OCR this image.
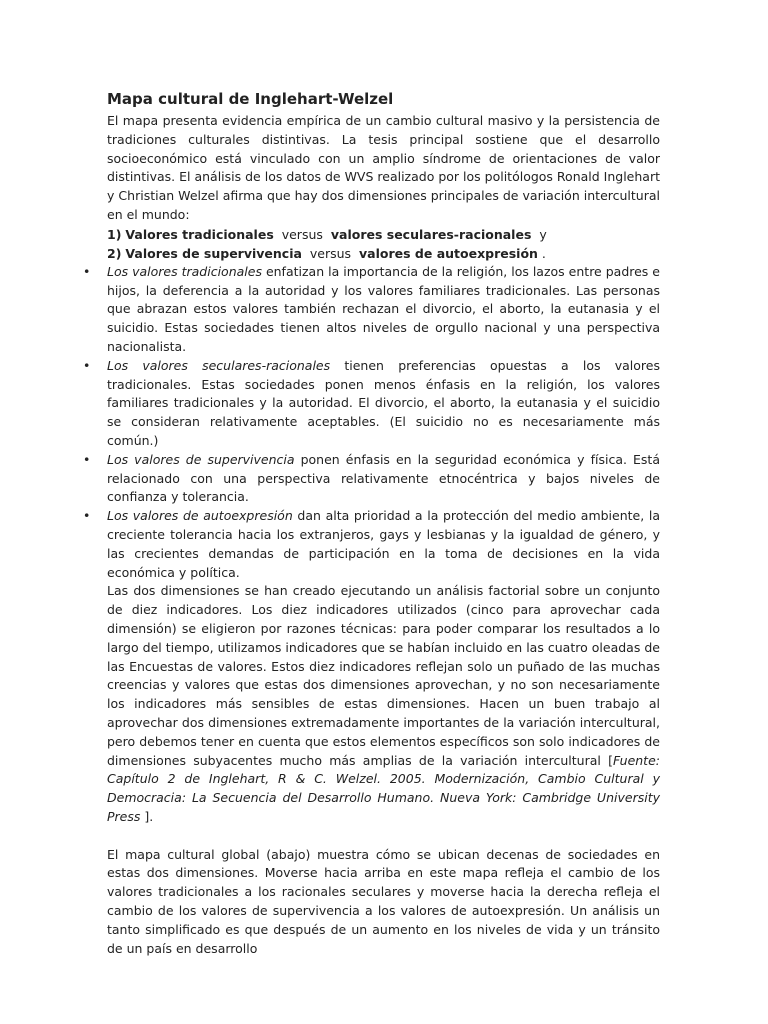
Mapa cultural de Inglehart-Welzel

El mapa presenta evidencia empírica de un cambio cultural masivo y la persistencia de tradiciones culturales distintivas. La tesis principal sostiene que el desarrollo socioeconómico está vinculado con un amplio síndrome de orientaciones de valor distintivas. El análisis de los datos de WVS realizado por los politólogos Ronald Inglehart y Christian Welzel afirma que hay dos dimensiones principales de variación intercultural en el mundo:

1) Valores tradicionales versus valores seculares-racionales y
2) Valores de supervivencia versus valores de autoexpresión .
• Los valores tradicionales enfatizan la importancia de la religión, los lazos entre padres e hijos, la deferencia a la autoridad y los valores familiares tradicionales. Las personas que abrazan estos valores también rechazan el divorcio, el aborto, la eutanasia y el suicidio. Estas sociedades tienen altos niveles de orgullo nacional y una perspectiva nacionalista.
• Los valores seculares-racionales tienen preferencias opuestas a los valores tradicionales. Estas sociedades ponen menos énfasis en la religión, los valores familiares tradicionales y la autoridad. El divorcio, el aborto, la eutanasia y el suicidio se consideran relativamente aceptables. (El suicidio no es necesariamente más común.)
• Los valores de supervivencia ponen énfasis en la seguridad económica y física. Está relacionado con una perspectiva relativamente etnocéntrica y bajos niveles de confianza y tolerancia.
• Los valores de autoexpresión dan alta prioridad a la protección del medio ambiente, la creciente tolerancia hacia los extranjeros, gays y lesbianas y la igualdad de género, y las crecientes demandas de participación en la toma de decisiones en la vida económica y política.

Las dos dimensiones se han creado ejecutando un análisis factorial sobre un conjunto de diez indicadores. Los diez indicadores utilizados (cinco para aprovechar cada dimensión) se eligieron por razones técnicas: para poder comparar los resultados a lo largo del tiempo, utilizamos indicadores que se habían incluido en las cuatro oleadas de las Encuestas de valores. Estos diez indicadores reflejan solo un puñado de las muchas creencias y valores que estas dos dimensiones aprovechan, y no son necesariamente los indicadores más sensibles de estas dimensiones. Hacen un buen trabajo al aprovechar dos dimensiones extremadamente importantes de la variación intercultural, pero debemos tener en cuenta que estos elementos específicos son solo indicadores de dimensiones subyacentes mucho más amplias de la variación intercultural [Fuente: Capítulo 2 de Inglehart, R & C. Welzel. 2005. Modernización, Cambio Cultural y Democracia: La Secuencia del Desarrollo Humano. Nueva York: Cambridge University Press ].

El mapa cultural global (abajo) muestra cómo se ubican decenas de sociedades en estas dos dimensiones. Moverse hacia arriba en este mapa refleja el cambio de los valores tradicionales a los racionales seculares y moverse hacia la derecha refleja el cambio de los valores de supervivencia a los valores de autoexpresión. Un análisis un tanto simplificado es que después de un aumento en los niveles de vida y un tránsito de un país en desarrollo
